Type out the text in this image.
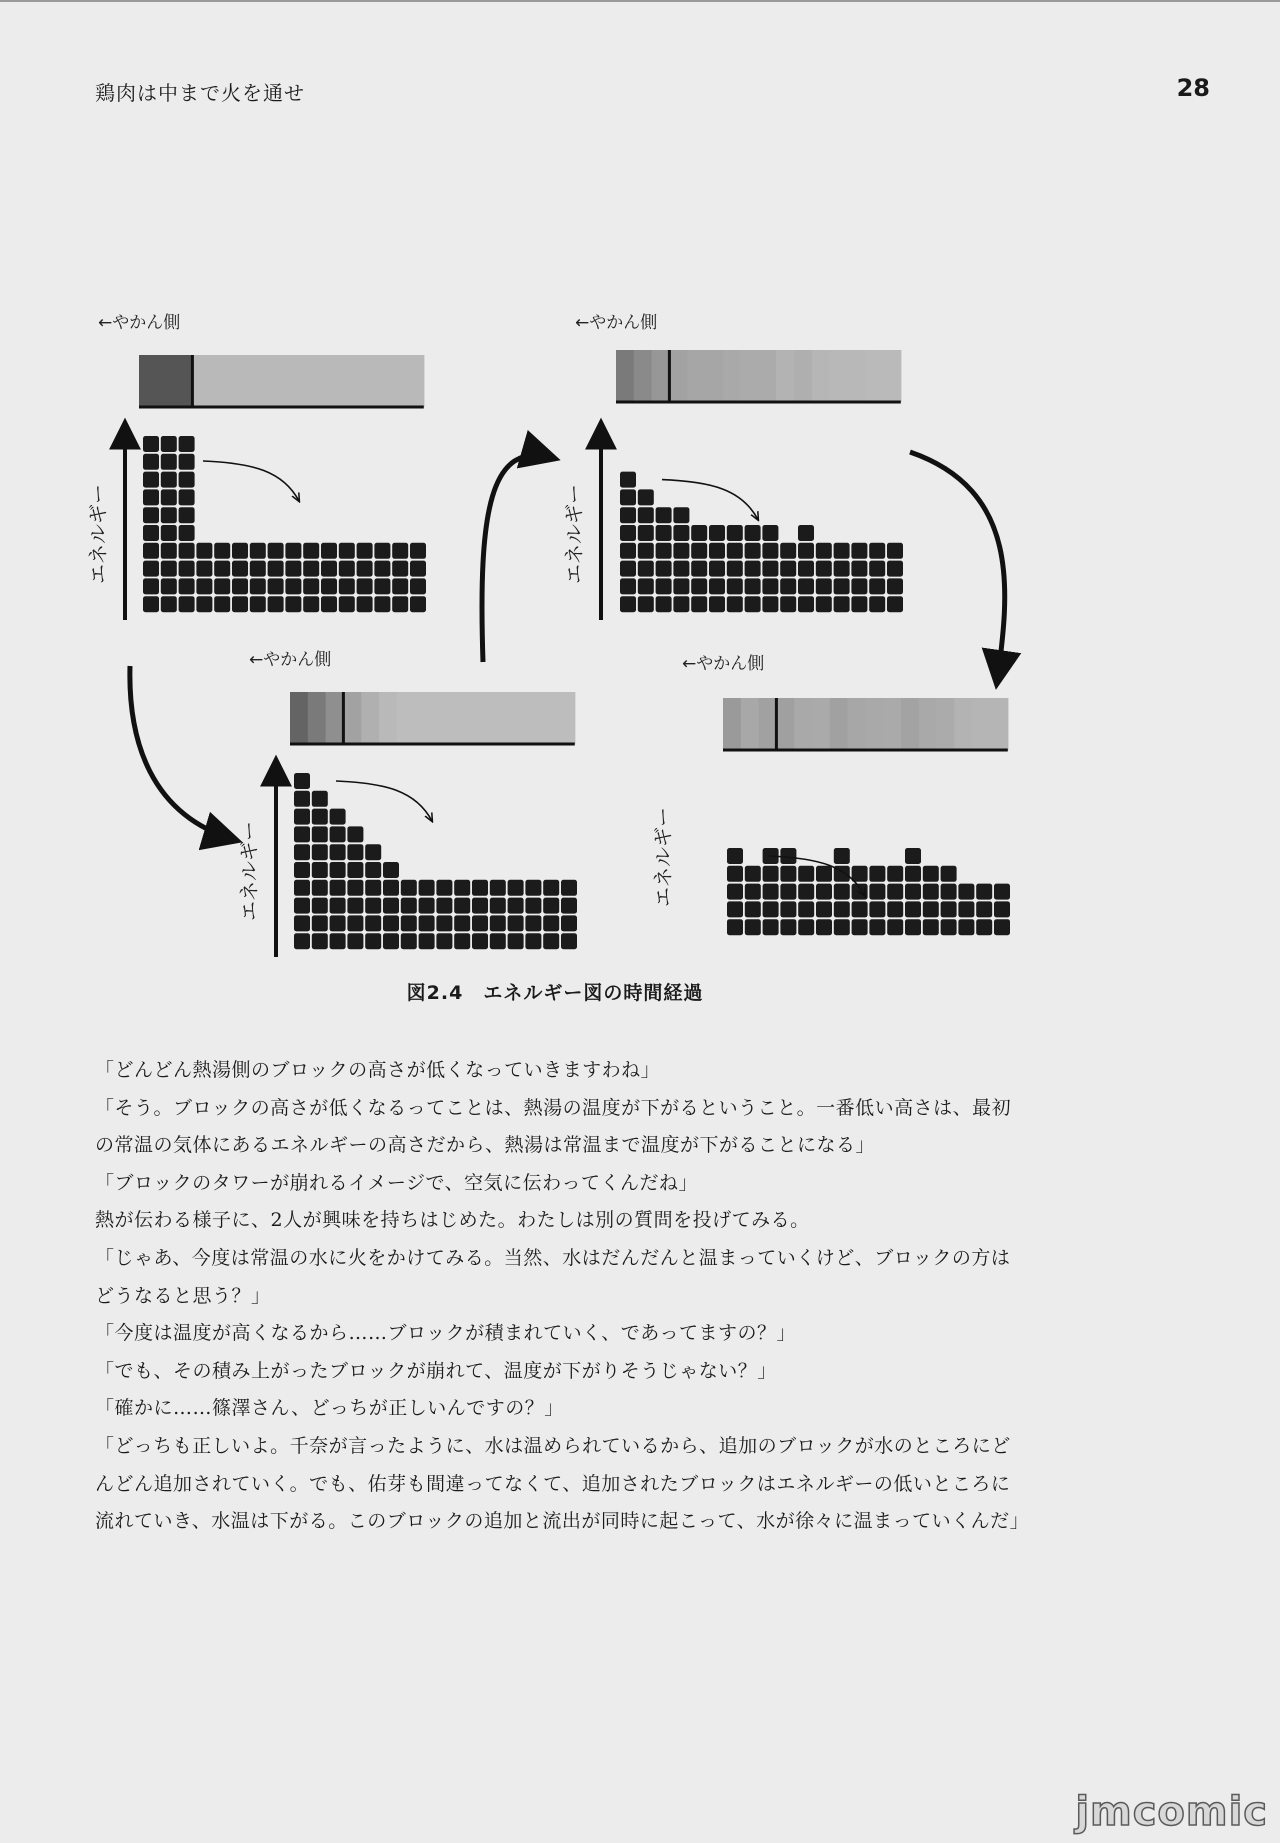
鶏肉は中まで火を通せ	28
←やかん側
エネルギー
←やかん側
エネルギー
←やかん側
エネルギー
←やかん側
エネルギー
図2.4　エネルギー図の時間経過

「どんどん熱湯側のブロックの高さが低くなっていきますわね」

「そう。ブロックの高さが低くなるってことは、熱湯の温度が下がるということ。一番低い高さは、最初の常温の気体にあるエネルギーの高さだから、熱湯は常温まで温度が下がることになる」

「ブロックのタワーが崩れるイメージで、空気に伝わってくんだね」

熱が伝わる様子に、2人が興味を持ちはじめた。わたしは別の質問を投げてみる。

「じゃあ、今度は常温の水に火をかけてみる。当然、水はだんだんと温まっていくけど、ブロックの方はどうなると思う？」

「今度は温度が高くなるから……ブロックが積まれていく、であってますの？」

「でも、その積み上がったブロックが崩れて、温度が下がりそうじゃない？」

「確かに……篠澤さん、どっちが正しいんですの？」

「どっちも正しいよ。千奈が言ったように、水は温められているから、追加のブロックが水のところにどんどん追加されていく。でも、佑芽も間違ってなくて、追加されたブロックはエネルギーの低いところに流れていき、水温は下がる。このブロックの追加と流出が同時に起こって、水が徐々に温まっていくんだ」

jmcomic
